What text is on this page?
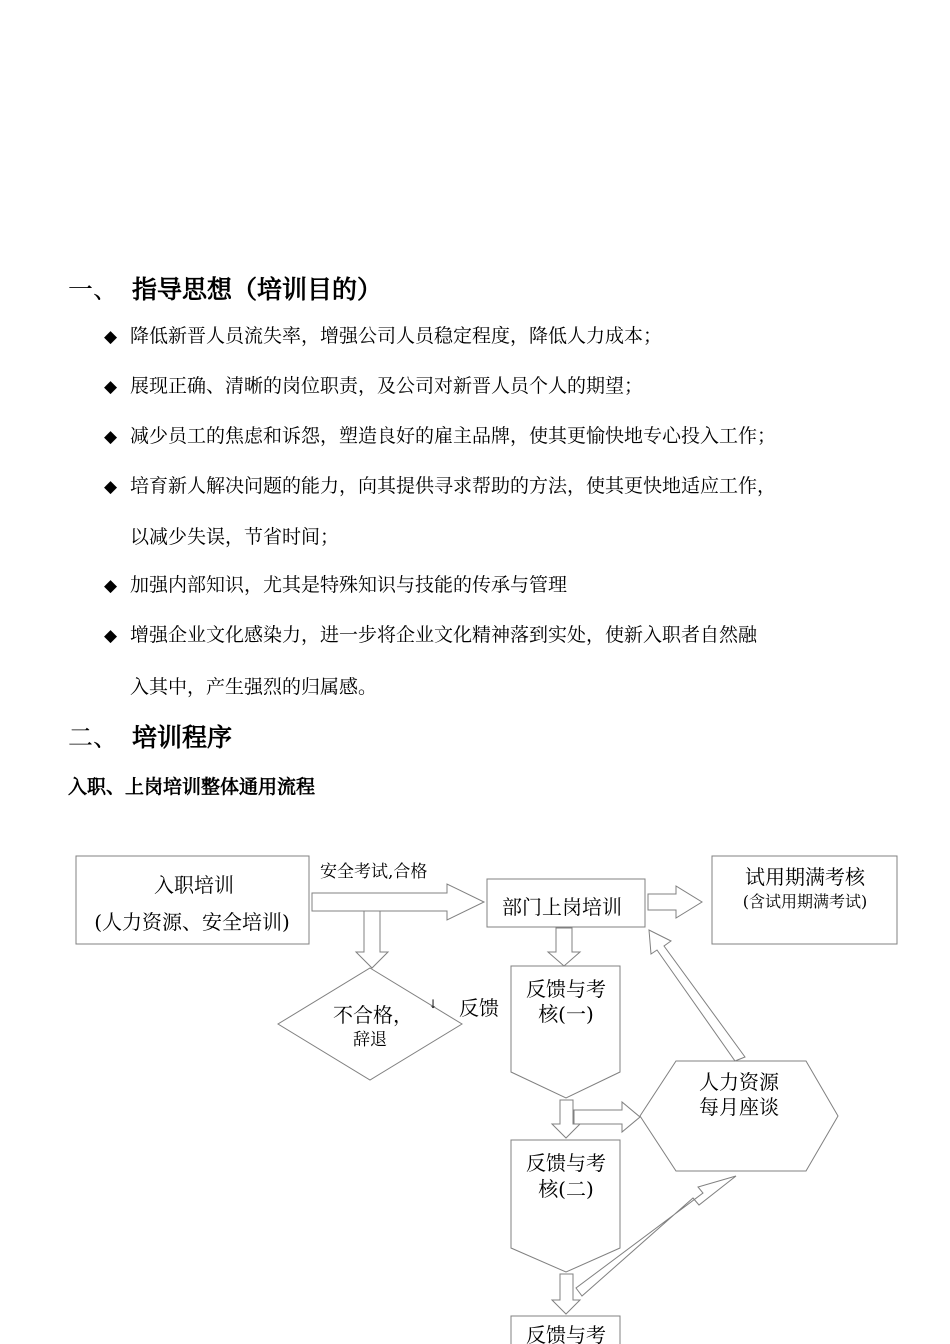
一、 指导思想（培训目的）
◆ 降低新晋人员流失率，增强公司人员稳定程度，降低人力成本；
◆ 展现正确、清晰的岗位职责，及公司对新晋人员个人的期望；
◆ 减少员工的焦虑和诉怨，塑造良好的雇主品牌，使其更愉快地专心投入工作；
◆ 培育新人解决问题的能力，向其提供寻求帮助的方法，使其更快地适应工作，
以减少失误，节省时间；
◆ 加强内部知识，尤其是特殊知识与技能的传承与管理
◆ 增强企业文化感染力，进一步将企业文化精神落到实处，使新入职者自然融
入其中，产生强烈的归属感。
二、 培训程序
入职、上岗培训整体通用流程
入职培训
(人力资源、安全培训)
安全考试,合格
部门上岗培训
试用期满考核
(含试用期满考试)
不合格，
辞退
↓ 反馈
反馈与考
核(一)
人力资源
每月座谈
反馈与考
核(二)
反馈与考
